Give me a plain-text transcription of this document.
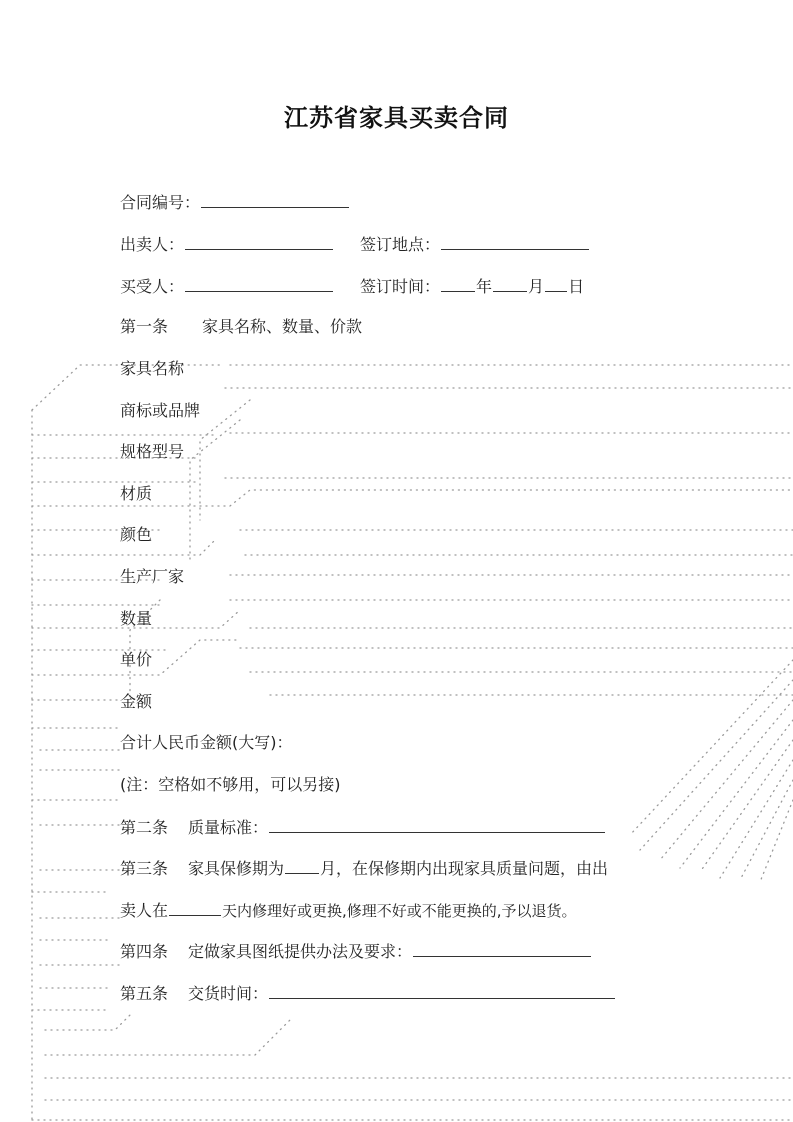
江苏省家具买卖合同
合同编号：
出卖人：	签订地点：
买受人：	签订时间： 年 月 日
第一条 家具名称、数量、价款
家具名称
商标或品牌
规格型号
材质
颜色
生产厂家
数量
单价
金额
合计人民币金额(大写)：
(注：空格如不够用，可以另接)
第二条 质量标准：
第三条 家具保修期为 月，在保修期内出现家具质量问题，由出
卖人在	天内修理好或更换,修理不好或不能更换的,予以退货。
第四条 定做家具图纸提供办法及要求：
第五条 交货时间：
